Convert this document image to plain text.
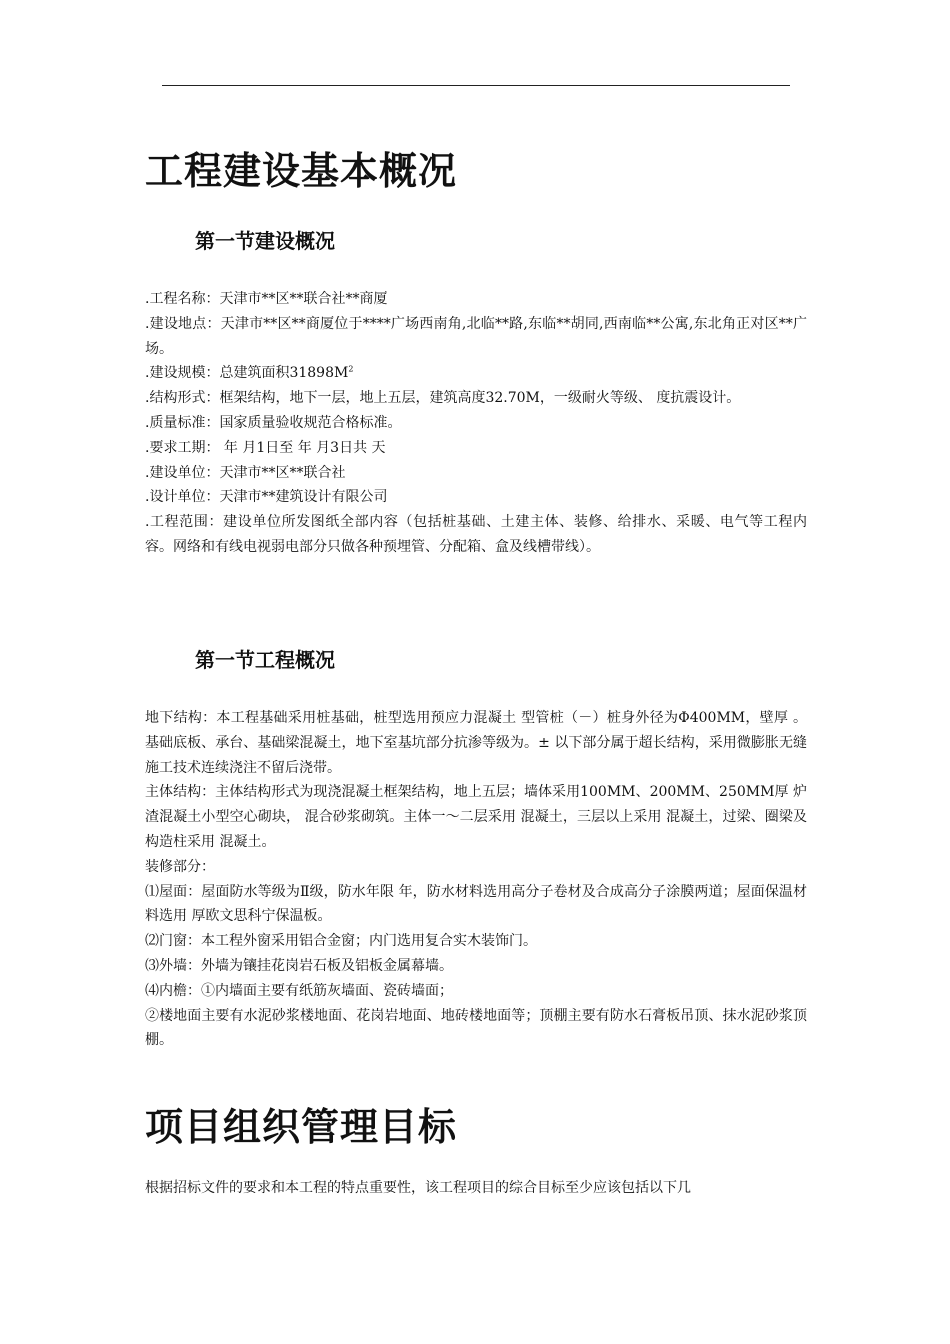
工程建设基本概况
第一节建设概况

.工程名称：天津市**区**联合社**商厦

.建设地点：天津市**区**商厦位于****广场西南角,北临**路,东临**胡同,西南临**公寓,东北角正对区**广场。

.建设规模：总建筑面积$31898M^2$

.结构形式：框架结构，地下一层，地上五层，建筑高度32.70M，一级耐火等级、 度抗震设计。

.质量标准：国家质量验收规范合格标准。

.要求工期： 年 月1日至 年 月3日共 天

.建设单位：天津市**区**联合社

.设计单位：天津市**建筑设计有限公司

.工程范围：建设单位所发图纸全部内容（包括桩基础、土建主体、装修、给排水、采暖、电气等工程内容。网络和有线电视弱电部分只做各种预埋管、分配箱、盒及线槽带线）。

第一节工程概况

地下结构：本工程基础采用桩基础，桩型选用预应力混凝土 型管桩（－）桩身外径为Φ400MM，壁厚 。基础底板、承台、基础梁混凝土，地下室基坑部分抗渗等级为。± 以下部分属于超长结构，采用微膨胀无缝施工技术连续浇注不留后浇带。

主体结构：主体结构形式为现浇混凝土框架结构，地上五层；墙体采用100MM、200MM、250MM厚 炉渣混凝土小型空心砌块， 混合砂浆砌筑。主体一～二层采用 混凝土，三层以上采用 混凝土，过梁、圈梁及构造柱采用 混凝土。

装修部分：

⑴屋面：屋面防水等级为Ⅱ级，防水年限 年，防水材料选用高分子卷材及合成高分子涂膜两道；屋面保温材料选用 厚欧文思科宁保温板。

⑵门窗：本工程外窗采用铝合金窗；内门选用复合实木装饰门。

⑶外墙：外墙为镶挂花岗岩石板及铝板金属幕墙。

⑷内檐：①内墙面主要有纸筋灰墙面、瓷砖墙面；

②楼地面主要有水泥砂浆楼地面、花岗岩地面、地砖楼地面等；顶棚主要有防水石膏板吊顶、抹水泥砂浆顶棚。

项目组织管理目标

根据招标文件的要求和本工程的特点重要性，该工程项目的综合目标至少应该包括以下几
